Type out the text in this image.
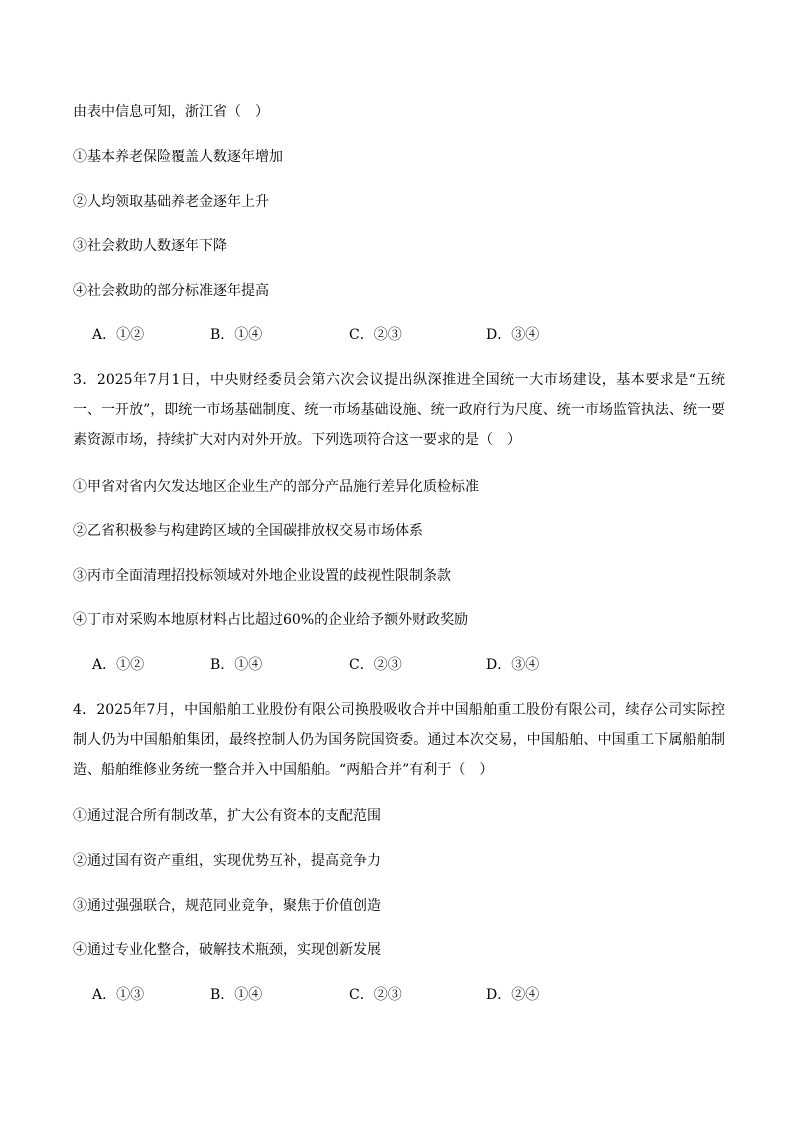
由表中信息可知，浙江省（　）
①基本养老保险覆盖人数逐年增加
②人均领取基础养老金逐年上升
③社会救助人数逐年下降
④社会救助的部分标准逐年提高
A．①②	B．①④	C．②③	D．③④
3．2025年7月1日，中央财经委员会第六次会议提出纵深推进全国统一大市场建设，基本要求是“五统一、一开放”，即统一市场基础制度、统一市场基础设施、统一政府行为尺度、统一市场监管执法、统一要素资源市场，持续扩大对内对外开放。下列选项符合这一要求的是（　）
①甲省对省内欠发达地区企业生产的部分产品施行差异化质检标准
②乙省积极参与构建跨区域的全国碳排放权交易市场体系
③丙市全面清理招投标领域对外地企业设置的歧视性限制条款
④丁市对采购本地原材料占比超过60%的企业给予额外财政奖励
A．①②	B．①④	C．②③	D．③④
4．2025年7月，中国船舶工业股份有限公司换股吸收合并中国船舶重工股份有限公司，续存公司实际控制人仍为中国船舶集团，最终控制人仍为国务院国资委。通过本次交易，中国船舶、中国重工下属船舶制造、船舶维修业务统一整合并入中国船舶。“两船合并”有利于（　）
①通过混合所有制改革，扩大公有资本的支配范围
②通过国有资产重组，实现优势互补，提高竞争力
③通过强强联合，规范同业竞争，聚焦于价值创造
④通过专业化整合，破解技术瓶颈，实现创新发展
A．①③	B．①④	C．②③	D．②④
